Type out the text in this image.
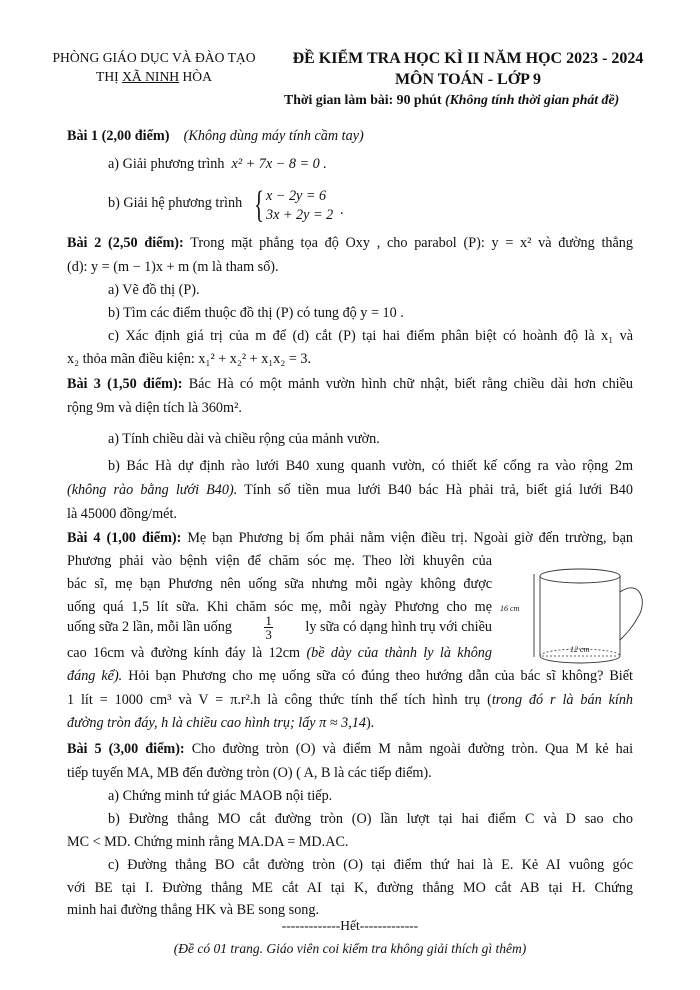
PHÒNG GIÁO DỤC VÀ ĐÀO TẠO
THỊ XÃ NINH HÒA
ĐỀ KIỂM TRA HỌC KÌ II NĂM HỌC 2023 - 2024
MÔN TOÁN - LỚP 9
Thời gian làm bài: 90 phút (Không tính thời gian phát đề)
Bài 1 (2,00 điểm) (Không dùng máy tính cầm tay)
a) Giải phương trình x² + 7x − 8 = 0 .
b) Giải hệ phương trình { x − 2y = 6
3x + 2y = 2 .
Bài 2 (2,50 điểm): Trong mặt phẳng tọa độ Oxy , cho parabol (P): y = x² và đường thẳng
(d): y = (m − 1)x + m (m là tham số).
a) Vẽ đồ thị (P).
b) Tìm các điểm thuộc đồ thị (P) có tung độ y = 10 .
c) Xác định giá trị của m để (d) cắt (P) tại hai điểm phân biệt có hoành độ là x₁ và
x₂ thỏa mãn điều kiện: x₁² + x₂² + x₁x₂ = 3.
Bài 3 (1,50 điểm): Bác Hà có một mảnh vườn hình chữ nhật, biết rằng chiều dài hơn chiều
rộng 9m và diện tích là 360m².
a) Tính chiều dài và chiều rộng của mảnh vườn.
b) Bác Hà dự định rào lưới B40 xung quanh vườn, có thiết kế cổng ra vào rộng 2m
(không rào bằng lưới B40). Tính số tiền mua lưới B40 bác Hà phải trả, biết giá lưới B40
là 45000 đồng/mét.
Bài 4 (1,00 điểm): Mẹ bạn Phương bị ốm phải nằm viện điều trị. Ngoài giờ đến trường, bạn
Phương phải vào bệnh viện để chăm sóc mẹ. Theo lời khuyên của
bác sĩ, mẹ bạn Phương nên uống sữa nhưng mỗi ngày không được
uống quá 1,5 lít sữa. Khi chăm sóc mẹ, mỗi ngày Phương cho mẹ
uống sữa 2 lần, mỗi lần uống $\frac{1}{3}$ ly sữa có dạng hình trụ với chiều
cao 16cm và đường kính đáy là 12cm (bề dày của thành ly là không
đáng kể). Hỏi bạn Phương cho mẹ uống sữa có đúng theo hướng dẫn của bác sĩ không? Biết
1 lít = 1000 cm³ và V = π.r².h là công thức tính thể tích hình trụ (trong đó r là bán kính
đường tròn đáy, h là chiều cao hình trụ; lấy π ≈ 3,14).
16 cm
12 cm
Bài 5 (3,00 điểm): Cho đường tròn (O) và điểm M nằm ngoài đường tròn. Qua M kẻ hai
tiếp tuyến MA, MB đến đường tròn (O) ( A, B là các tiếp điểm).
a) Chứng minh tứ giác MAOB nội tiếp.
b) Đường thẳng MO cắt đường tròn (O) lần lượt tại hai điểm C và D sao cho
MC < MD. Chứng minh rằng MA.DA = MD.AC.
c) Đường thẳng BO cắt đường tròn (O) tại điểm thứ hai là E. Kẻ AI vuông góc
với BE tại I. Đường thẳng ME cắt AI tại K, đường thẳng MO cắt AB tại H. Chứng
minh hai đường thẳng HK và BE song song.
-------------Hết-------------
(Đề có 01 trang. Giáo viên coi kiểm tra không giải thích gì thêm)
